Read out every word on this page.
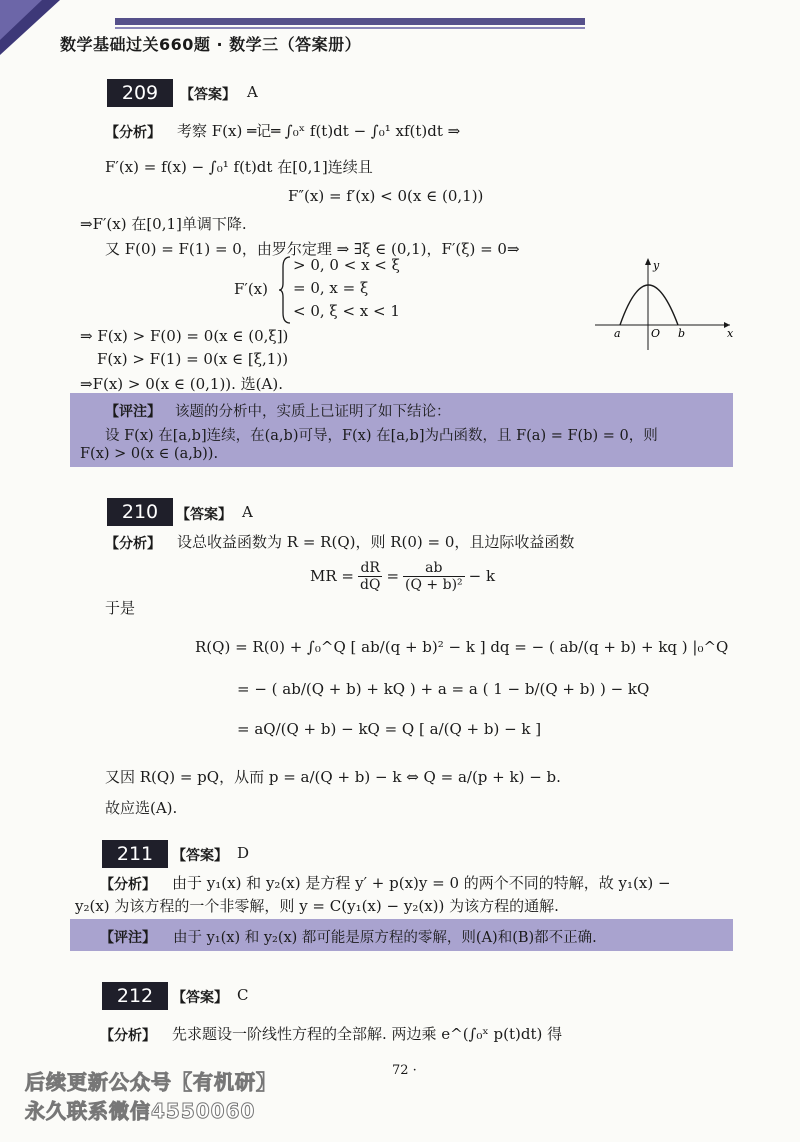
数学基础过关660题 · 数学三（答案册）
209	【答案】 A
【分析】 考察 F(x) ═记═ ∫₀ˣ f(t)dt − ∫₀¹ xf(t)dt ⇒
F′(x) = f(x) − ∫₀¹ f(t)dt 在[0,1]连续且
F″(x) = f′(x) < 0(x ∈ (0,1))
⇒F′(x) 在[0,1]单调下降.
又 F(0) = F(1) = 0，由罗尔定理 ⇒ ∃ξ ∈ (0,1)，F′(ξ) = 0⇒
F′(x)
> 0, 0 < x < ξ
= 0, x = ξ
< 0, ξ < x < 1
⇒ F(x) > F(0) = 0(x ∈ (0,ξ])
F(x) > F(1) = 0(x ∈ [ξ,1))
⇒F(x) > 0(x ∈ (0,1)). 选(A).
y
x
a	O b
【评注】 该题的分析中，实质上已证明了如下结论：
设 F(x) 在[a,b]连续，在(a,b)可导，F(x) 在[a,b]为凸函数，且 F(a) = F(b) = 0，则
F(x) > 0(x ∈ (a,b)).
210	【答案】 A
【分析】 设总收益函数为 R = R(Q)，则 R(0) = 0，且边际收益函数
MR = $\frac{dR}{dQ} = \frac{ab}{\text{(Q + b)²}} - k$
于是
R(Q) = R(0) + ∫₀^Q [ ab/(q + b)² − k ] dq = − ( ab/(q + b) + kq ) |₀^Q
= − ( ab/(Q + b) + kQ ) + a = a ( 1 − b/(Q + b) ) − kQ
= aQ/(Q + b) − kQ = Q [ a/(Q + b) − k ]
又因 R(Q) = pQ，从而 p = a/(Q + b) − k ⇔ Q = a/(p + k) − b.
故应选(A).
211	【答案】 D
【分析】 由于 y₁(x) 和 y₂(x) 是方程 y′ + p(x)y = 0 的两个不同的特解，故 y₁(x) −
y₂(x) 为该方程的一个非零解，则 y = C(y₁(x) − y₂(x)) 为该方程的通解.
【评注】 由于 y₁(x) 和 y₂(x) 都可能是原方程的零解，则(A)和(B)都不正确.
212	【答案】 C
【分析】 先求题设一阶线性方程的全部解. 两边乘 e^(∫₀ˣ p(t)dt) 得
72 ·
后续更新公众号【有机研】
永久联系微信4550060
